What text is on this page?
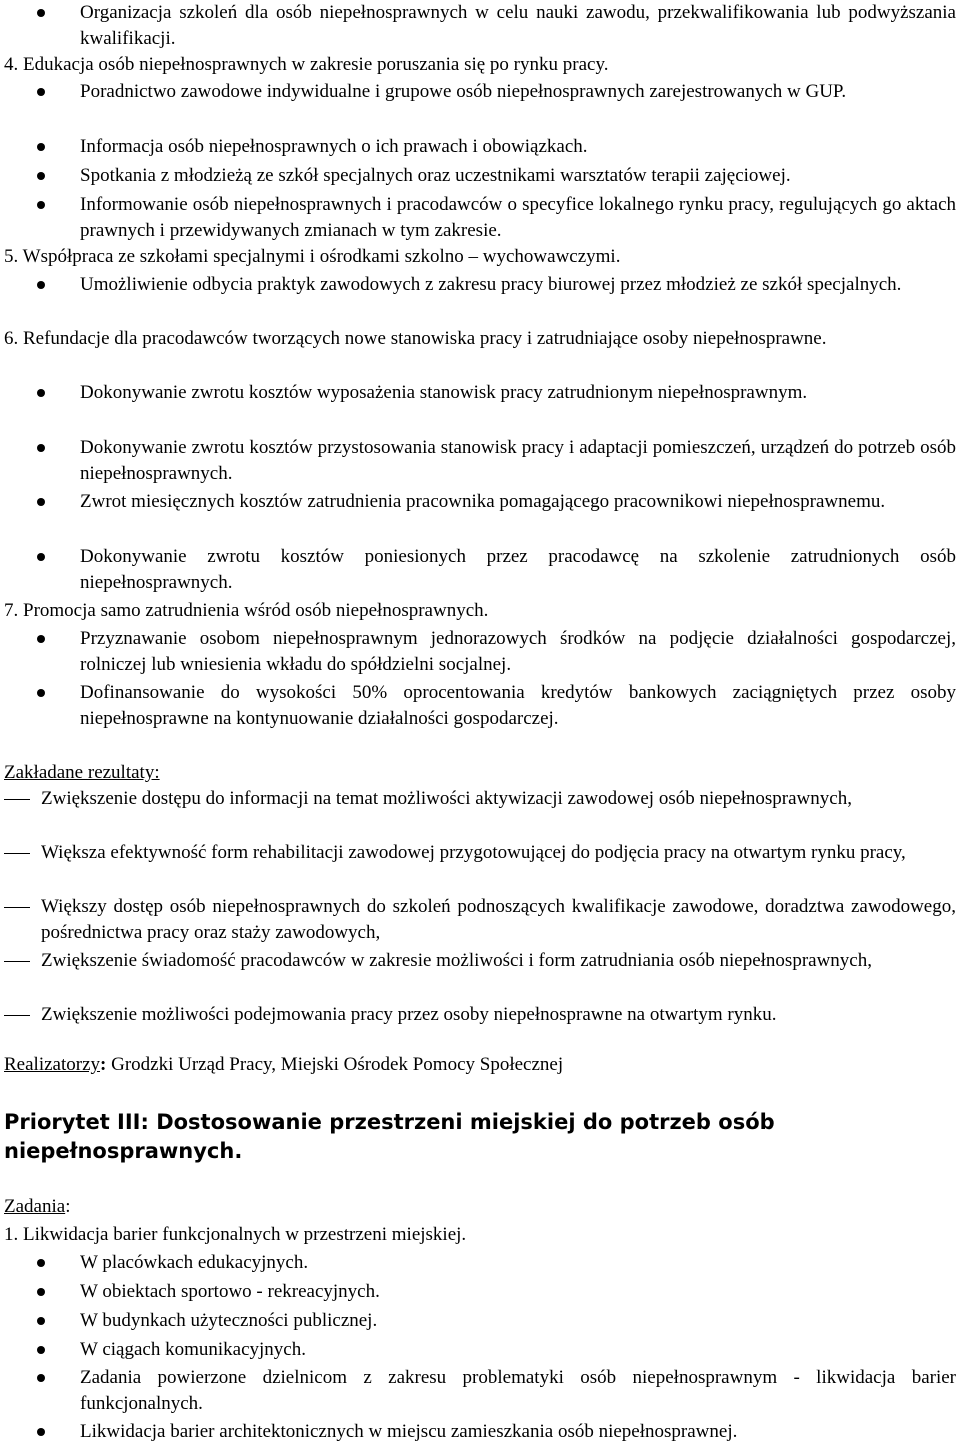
Organizacja szkoleń dla osób niepełnosprawnych w celu nauki zawodu, przekwalifikowania lub podwyższania kwalifikacji.
4. Edukacja osób niepełnosprawnych w zakresie poruszania się po rynku pracy.
Poradnictwo zawodowe indywidualne i grupowe osób niepełnosprawnych zarejestrowanych w GUP.
Informacja osób niepełnosprawnych o ich prawach i obowiązkach.
Spotkania z młodzieżą ze szkół specjalnych oraz uczestnikami warsztatów terapii zajęciowej.
Informowanie osób niepełnosprawnych i pracodawców o specyfice lokalnego rynku pracy, regulujących go aktach prawnych i przewidywanych zmianach w tym zakresie.
5. Współpraca ze szkołami specjalnymi i ośrodkami szkolno – wychowawczymi.
Umożliwienie odbycia praktyk zawodowych z zakresu pracy biurowej przez młodzież ze szkół specjalnych.
6. Refundacje dla pracodawców tworzących nowe stanowiska pracy i zatrudniające osoby niepełnosprawne.
Dokonywanie zwrotu kosztów wyposażenia stanowisk pracy zatrudnionym niepełnosprawnym.
Dokonywanie zwrotu kosztów przystosowania stanowisk pracy i adaptacji pomieszczeń, urządzeń do potrzeb osób niepełnosprawnych.
Zwrot miesięcznych kosztów zatrudnienia pracownika pomagającego pracownikowi niepełnosprawnemu.
Dokonywanie zwrotu kosztów poniesionych przez pracodawcę na szkolenie zatrudnionych osób niepełnosprawnych.
7. Promocja samo zatrudnienia wśród osób niepełnosprawnych.
Przyznawanie osobom niepełnosprawnym jednorazowych środków na podjęcie działalności gospodarczej, rolniczej lub wniesienia wkładu do spółdzielni socjalnej.
Dofinansowanie do wysokości 50% oprocentowania kredytów bankowych zaciągniętych przez osoby niepełnosprawne na kontynuowanie działalności gospodarczej.
Zakładane rezultaty:
Zwiększenie dostępu do informacji na temat możliwości aktywizacji zawodowej osób niepełnosprawnych,
Większa efektywność form rehabilitacji zawodowej przygotowującej do podjęcia pracy na otwartym rynku pracy,
Większy dostęp osób niepełnosprawnych do szkoleń podnoszących kwalifikacje zawodowe, doradztwa zawodowego, pośrednictwa pracy oraz staży zawodowych,
Zwiększenie świadomość pracodawców w zakresie możliwości i form zatrudniania osób niepełnosprawnych,
Zwiększenie możliwości podejmowania pracy przez osoby niepełnosprawne na otwartym rynku.
Realizatorzy: Grodzki Urząd Pracy, Miejski Ośrodek Pomocy Społecznej
Priorytet III: Dostosowanie przestrzeni miejskiej do potrzeb osób niepełnosprawnych.
Zadania:
1. Likwidacja barier funkcjonalnych w przestrzeni miejskiej.
W placówkach edukacyjnych.
W obiektach sportowo - rekreacyjnych.
W budynkach użyteczności publicznej.
W ciągach komunikacyjnych.
Zadania powierzone dzielnicom z zakresu problematyki osób niepełnosprawnym - likwidacja barier funkcjonalnych.
Likwidacja barier architektonicznych w miejscu zamieszkania osób niepełnosprawnej.
